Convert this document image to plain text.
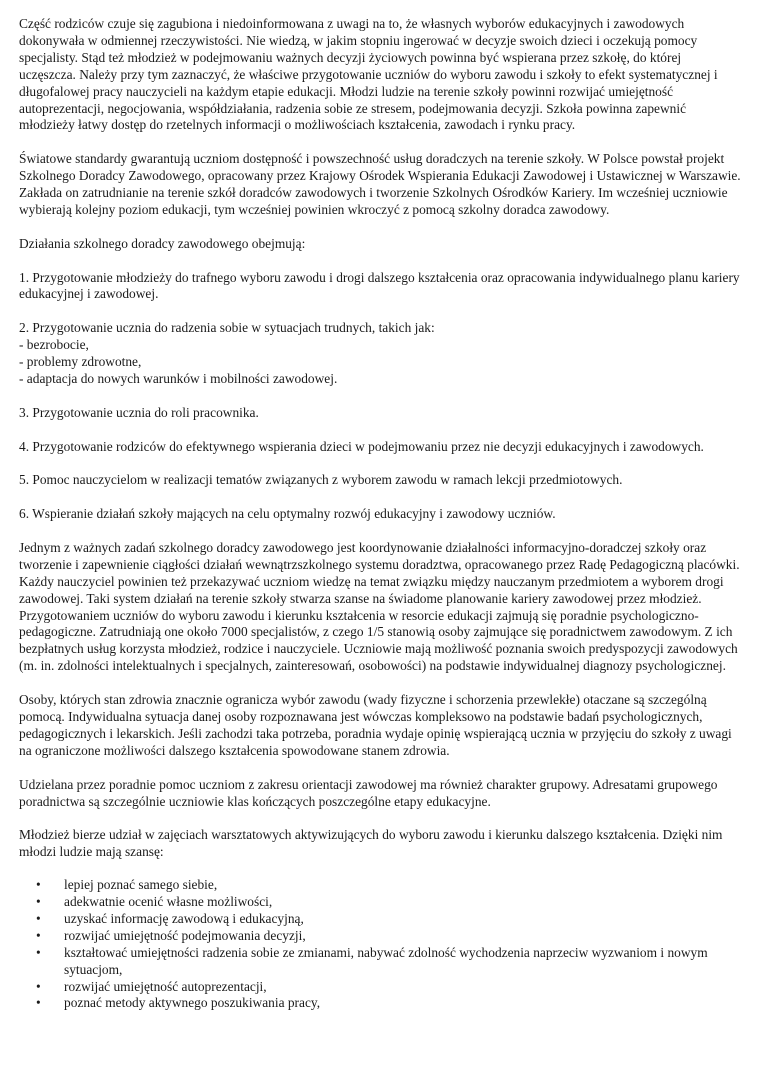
Część rodziców czuje się zagubiona i niedoinformowana z uwagi na to, że własnych wyborów edukacyjnych i zawodowych dokonywała w odmiennej rzeczywistości. Nie wiedzą, w jakim stopniu ingerować w decyzje swoich dzieci i oczekują pomocy specjalisty. Stąd też młodzież w podejmowaniu ważnych decyzji życiowych powinna być wspierana przez szkołę, do której uczęszcza. Należy przy tym zaznaczyć, że właściwe przygotowanie uczniów do wyboru zawodu i szkoły to efekt systematycznej i długofalowej pracy nauczycieli na każdym etapie edukacji. Młodzi ludzie na terenie szkoły powinni rozwijać umiejętność autoprezentacji, negocjowania, współdziałania, radzenia sobie ze stresem, podejmowania decyzji. Szkoła powinna zapewnić młodzieży łatwy dostęp do rzetelnych informacji o możliwościach kształcenia, zawodach i rynku pracy.

Światowe standardy gwarantują uczniom dostępność i powszechność usług doradczych na terenie szkoły. W Polsce powstał projekt Szkolnego Doradcy Zawodowego, opracowany przez Krajowy Ośrodek Wspierania Edukacji Zawodowej i Ustawicznej w Warszawie. Zakłada on zatrudnianie na terenie szkół doradców zawodowych i tworzenie Szkolnych Ośrodków Kariery. Im wcześniej uczniowie wybierają kolejny poziom edukacji, tym wcześniej powinien wkroczyć z pomocą szkolny doradca zawodowy.

Działania szkolnego doradcy zawodowego obejmują:

1. Przygotowanie młodzieży do trafnego wyboru zawodu i drogi dalszego kształcenia oraz opracowania indywidualnego planu kariery edukacyjnej i zawodowej.

2. Przygotowanie ucznia do radzenia sobie w sytuacjach trudnych, takich jak:
- bezrobocie,
- problemy zdrowotne,
- adaptacja do nowych warunków i mobilności zawodowej.

3. Przygotowanie ucznia do roli pracownika.

4. Przygotowanie rodziców do efektywnego wspierania dzieci w podejmowaniu przez nie decyzji edukacyjnych i zawodowych.

5. Pomoc nauczycielom w realizacji tematów związanych z wyborem zawodu w ramach lekcji przedmiotowych.

6. Wspieranie działań szkoły mających na celu optymalny rozwój edukacyjny i zawodowy uczniów.

Jednym z ważnych zadań szkolnego doradcy zawodowego jest koordynowanie działalności informacyjno-doradczej szkoły oraz tworzenie i zapewnienie ciągłości działań wewnątrzszkolnego systemu doradztwa, opracowanego przez Radę Pedagogiczną placówki. Każdy nauczyciel powinien też przekazywać uczniom wiedzę na temat związku między nauczanym przedmiotem a wyborem drogi zawodowej. Taki system działań na terenie szkoły stwarza szanse na świadome planowanie kariery zawodowej przez młodzież.
Przygotowaniem uczniów do wyboru zawodu i kierunku kształcenia w resorcie edukacji zajmują się poradnie psychologiczno-pedagogiczne. Zatrudniają one około 7000 specjalistów, z czego 1/5 stanowią osoby zajmujące się poradnictwem zawodowym. Z ich bezpłatnych usług korzysta młodzież, rodzice i nauczyciele. Uczniowie mają możliwość poznania swoich predyspozycji zawodowych (m. in. zdolności intelektualnych i specjalnych, zainteresowań, osobowości) na podstawie indywidualnej diagnozy psychologicznej.

Osoby, których stan zdrowia znacznie ogranicza wybór zawodu (wady fizyczne i schorzenia przewlekłe) otaczane są szczególną pomocą. Indywidualna sytuacja danej osoby rozpoznawana jest wówczas kompleksowo na podstawie badań psychologicznych, pedagogicznych i lekarskich. Jeśli zachodzi taka potrzeba, poradnia wydaje opinię wspierającą ucznia w przyjęciu do szkoły z uwagi na ograniczone możliwości dalszego kształcenia spowodowane stanem zdrowia.

Udzielana przez poradnie pomoc uczniom z zakresu orientacji zawodowej ma również charakter grupowy. Adresatami grupowego poradnictwa są szczególnie uczniowie klas kończących poszczególne etapy edukacyjne.

Młodzież bierze udział w zajęciach warsztatowych aktywizujących do wyboru zawodu i kierunku dalszego kształcenia. Dzięki nim młodzi ludzie mają szansę:

• lepiej poznać samego siebie,
• adekwatnie ocenić własne możliwości,
• uzyskać informację zawodową i edukacyjną,
• rozwijać umiejętność podejmowania decyzji,
• kształtować umiejętności radzenia sobie ze zmianami, nabywać zdolność wychodzenia naprzeciw wyzwaniom i nowym sytuacjom,
• rozwijać umiejętność autoprezentacji,
• poznać metody aktywnego poszukiwania pracy,
